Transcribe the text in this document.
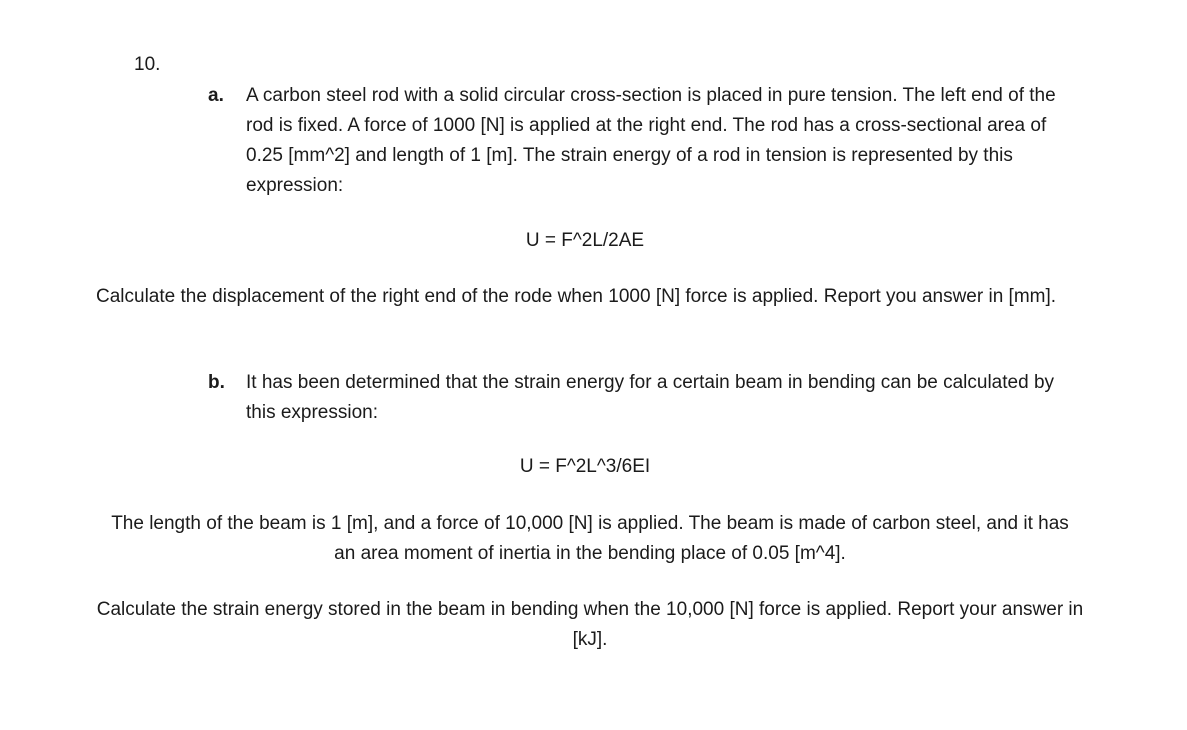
10.
a. A carbon steel rod with a solid circular cross-section is placed in pure tension. The left end of the rod is fixed. A force of 1000 [N] is applied at the right end. The rod has a cross-sectional area of 0.25 [mm^2] and length of 1 [m]. The strain energy of a rod in tension is represented by this expression:
U = F^2L/2AE
Calculate the displacement of the right end of the rode when 1000 [N] force is applied. Report you answer in [mm].
b. It has been determined that the strain energy for a certain beam in bending can be calculated by this expression:
U = F^2L^3/6EI
The length of the beam is 1 [m], and a force of 10,000 [N] is applied. The beam is made of carbon steel, and it has an area moment of inertia in the bending place of 0.05 [m^4].
Calculate the strain energy stored in the beam in bending when the 10,000 [N] force is applied. Report your answer in [kJ].
